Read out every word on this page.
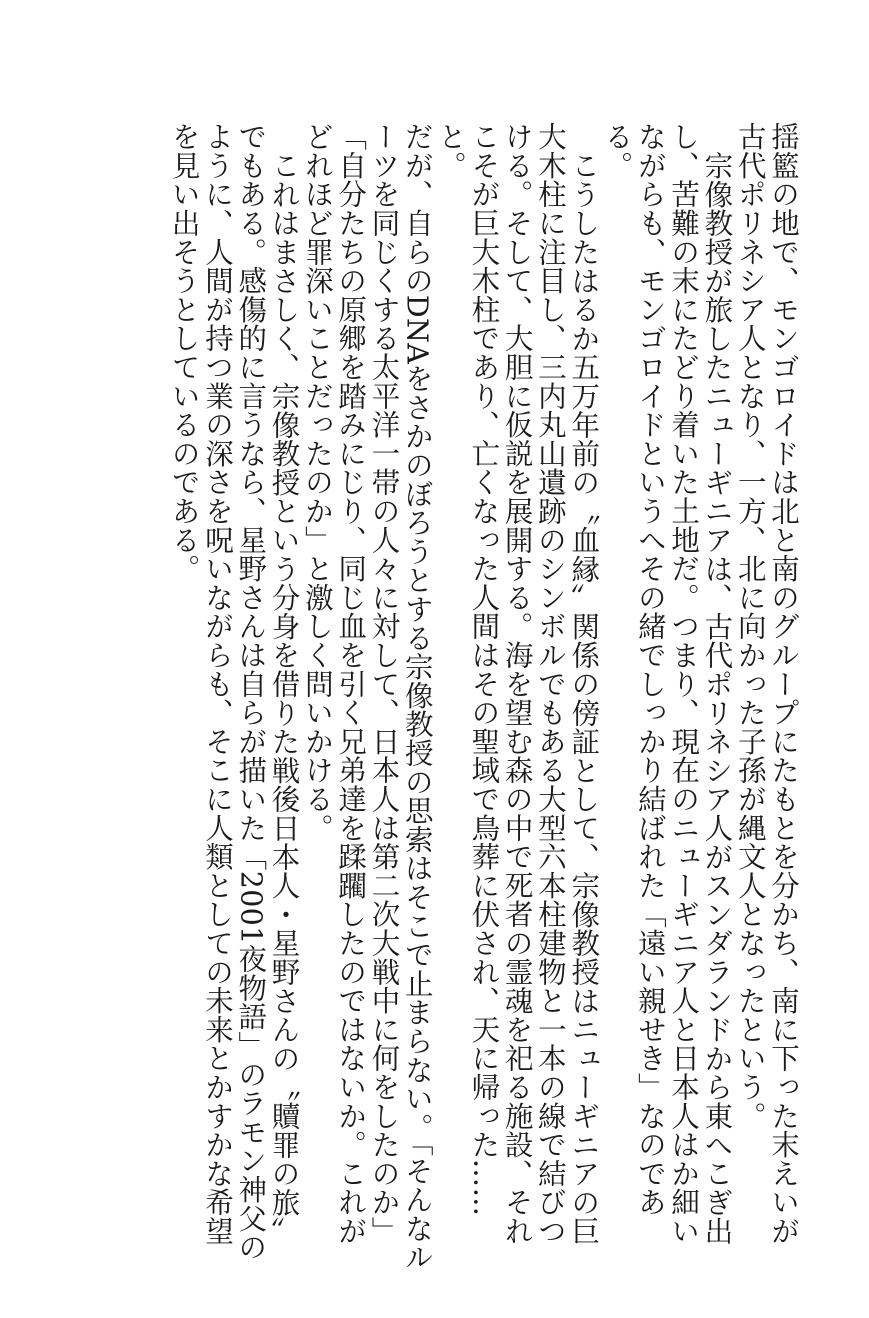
揺籃の地で、モンゴロイドは北と南のグループにたもとを分かち、南に下った末えいが古代ポリネシア人となり、一方、北に向かった子孫が縄文人となったという。

宗像教授が旅したニューギニアは、古代ポリネシア人がスンダランドから東へこぎ出し、苦難の末にたどり着いた土地だ。つまり、現在のニューギニア人と日本人はか細いながらも、モンゴロイドというへその緒でしっかり結ばれた「遠い親せき」なのである。

こうしたはるか五万年前の〝血縁〟関係の傍証として、宗像教授はニューギニアの巨大木柱に注目し、三内丸山遺跡のシンボルでもある大型六本柱建物と一本の線で結びつける。そして、大胆に仮説を展開する。海を望む森の中で死者の霊魂を祀る施設、それこそが巨大木柱であり、亡くなった人間はその聖域で鳥葬に伏され、天に帰った……と。

だが、自らのDNAをさかのぼろうとする宗像教授の思索はそこで止まらない。「そんなルーツを同じくする太平洋一帯の人々に対して、日本人は第二次大戦中に何をしたのか」「自分たちの原郷を踏みにじり、同じ血を引く兄弟達を蹂躙したのではないか。これがどれほど罪深いことだったのか」と激しく問いかける。

これはまさしく、宗像教授という分身を借りた戦後日本人・星野さんの〝贖罪の旅〟でもある。感傷的に言うなら、星野さんは自らが描いた「2001夜物語」のラモン神父のように、人間が持つ業の深さを呪いながらも、そこに人類としての未来とかすかな希望を見い出そうとしているのである。
